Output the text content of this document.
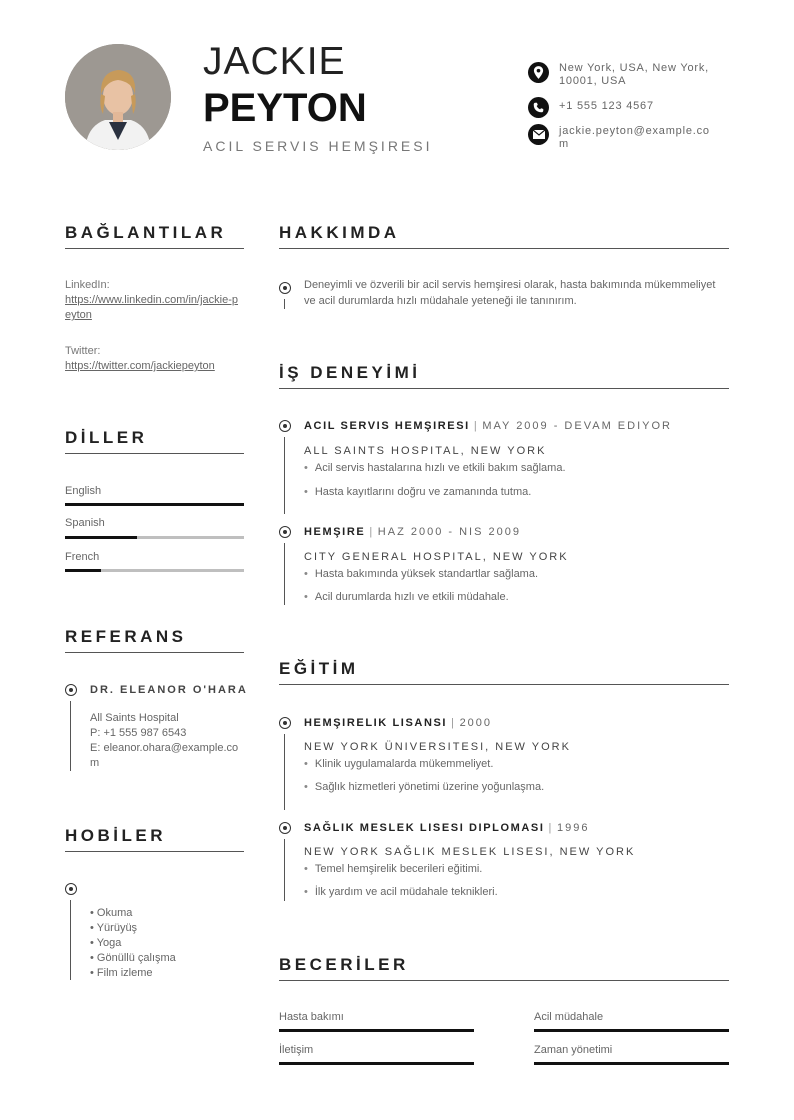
JACKIE
PEYTON
ACIL SERVIS HEMŞIRESI
New York, USA, New York, 10001, USA
+1 555 123 4567
jackie.peyton@example.com
BAĞLANTILAR
LinkedIn:
https://www.linkedin.com/in/jackie-peyton
Twitter:
https://twitter.com/jackiepeyton
DİLLER
English
Spanish
French
REFERANS
DR. ELEANOR O'HARA
All Saints Hospital
P: +1 555 987 6543
E: eleanor.ohara@example.com
HOBİLER
• Okuma
• Yürüyüş
• Yoga
• Gönüllü çalışma
• Film izleme
HAKKIMDA
Deneyimli ve özverili bir acil servis hemşiresi olarak, hasta bakımında mükemmeliyet ve acil durumlarda hızlı müdahale yeteneği ile tanınırım.
İŞ DENEYİMİ
ACIL SERVIS HEMŞIRESI | MAY 2009 - DEVAM EDIYOR
ALL SAINTS HOSPITAL, NEW YORK
• Acil servis hastalarına hızlı ve etkili bakım sağlama.
• Hasta kayıtlarını doğru ve zamanında tutma.
HEMŞIRE | HAZ 2000 - NIS 2009
CITY GENERAL HOSPITAL, NEW YORK
• Hasta bakımında yüksek standartlar sağlama.
• Acil durumlarda hızlı ve etkili müdahale.
EĞİTİM
HEMŞIRELIK LISANSI | 2000
NEW YORK ÜNIVERSITESI, NEW YORK
• Klinik uygulamalarda mükemmeliyet.
• Sağlık hizmetleri yönetimi üzerine yoğunlaşma.
SAĞLIK MESLEK LISESI DIPLOMASI | 1996
NEW YORK SAĞLIK MESLEK LISESI, NEW YORK
• Temel hemşirelik becerileri eğitimi.
• İlk yardım ve acil müdahale teknikleri.
BECERİLER
Hasta bakımı	Acil müdahale
İletişim	Zaman yönetimi
